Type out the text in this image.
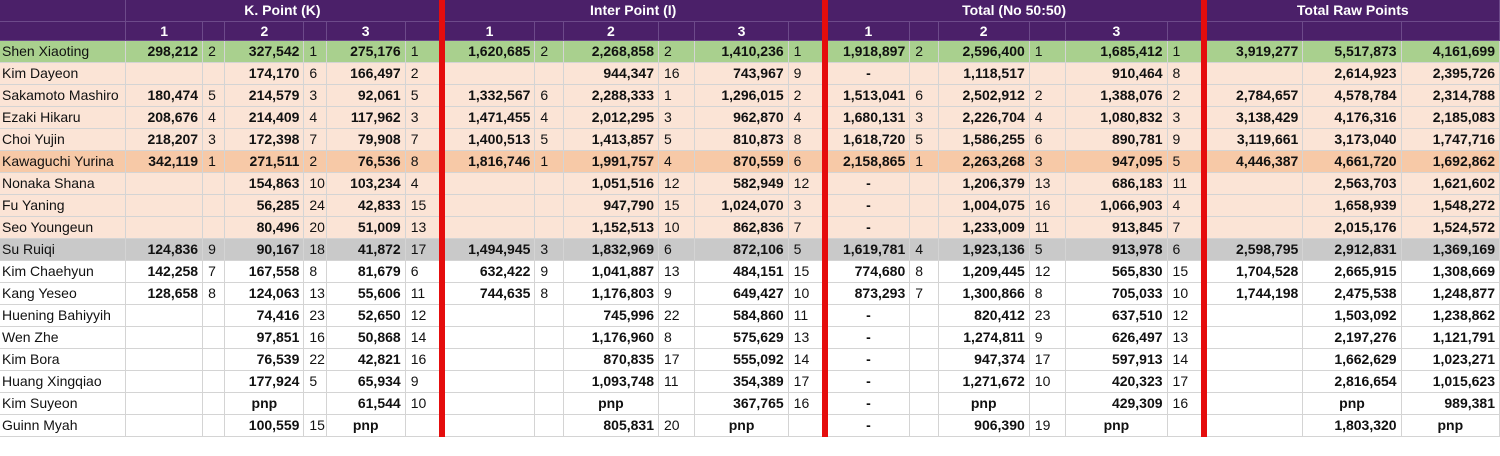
	K. Point (K)						Inter Point (I)						Total (No 50:50)						Total Raw Points		
	1		2		3		1		2		3		1		2		3				
Shen Xiaoting	298,212	2	327,542	1	275,176	1	1,620,685	2	2,268,858	2	1,410,236	1	1,918,897	2	2,596,400	1	1,685,412	1	3,919,277	5,517,873	4,161,699
Kim Dayeon			174,170	6	166,497	2			944,347	16	743,967	9	-		1,118,517		910,464	8		2,614,923	2,395,726
Sakamoto Mashiro	180,474	5	214,579	3	92,061	5	1,332,567	6	2,288,333	1	1,296,015	2	1,513,041	6	2,502,912	2	1,388,076	2	2,784,657	4,578,784	2,314,788
Ezaki Hikaru	208,676	4	214,409	4	117,962	3	1,471,455	4	2,012,295	3	962,870	4	1,680,131	3	2,226,704	4	1,080,832	3	3,138,429	4,176,316	2,185,083
Choi Yujin	218,207	3	172,398	7	79,908	7	1,400,513	5	1,413,857	5	810,873	8	1,618,720	5	1,586,255	6	890,781	9	3,119,661	3,173,040	1,747,716
Kawaguchi Yurina	342,119	1	271,511	2	76,536	8	1,816,746	1	1,991,757	4	870,559	6	2,158,865	1	2,263,268	3	947,095	5	4,446,387	4,661,720	1,692,862
Nonaka Shana			154,863	10	103,234	4			1,051,516	12	582,949	12	-		1,206,379	13	686,183	11		2,563,703	1,621,602
Fu Yaning			56,285	24	42,833	15			947,790	15	1,024,070	3	-		1,004,075	16	1,066,903	4		1,658,939	1,548,272
Seo Youngeun			80,496	20	51,009	13			1,152,513	10	862,836	7	-		1,233,009	11	913,845	7		2,015,176	1,524,572
Su Ruiqi	124,836	9	90,167	18	41,872	17	1,494,945	3	1,832,969	6	872,106	5	1,619,781	4	1,923,136	5	913,978	6	2,598,795	2,912,831	1,369,169
Kim Chaehyun	142,258	7	167,558	8	81,679	6	632,422	9	1,041,887	13	484,151	15	774,680	8	1,209,445	12	565,830	15	1,704,528	2,665,915	1,308,669
Kang Yeseo	128,658	8	124,063	13	55,606	11	744,635	8	1,176,803	9	649,427	10	873,293	7	1,300,866	8	705,033	10	1,744,198	2,475,538	1,248,877
Huening Bahiyyih			74,416	23	52,650	12			745,996	22	584,860	11	-		820,412	23	637,510	12		1,503,092	1,238,862
Wen Zhe			97,851	16	50,868	14			1,176,960	8	575,629	13	-		1,274,811	9	626,497	13		2,197,276	1,121,791
Kim Bora			76,539	22	42,821	16			870,835	17	555,092	14	-		947,374	17	597,913	14		1,662,629	1,023,271
Huang Xingqiao			177,924	5	65,934	9			1,093,748	11	354,389	17	-		1,271,672	10	420,323	17		2,816,654	1,015,623
Kim Suyeon			pnp		61,544	10			pnp		367,765	16	-		pnp		429,309	16		pnp	989,381
Guinn Myah			100,559	15	pnp				805,831	20	pnp		-		906,390	19	pnp			1,803,320	pnp
